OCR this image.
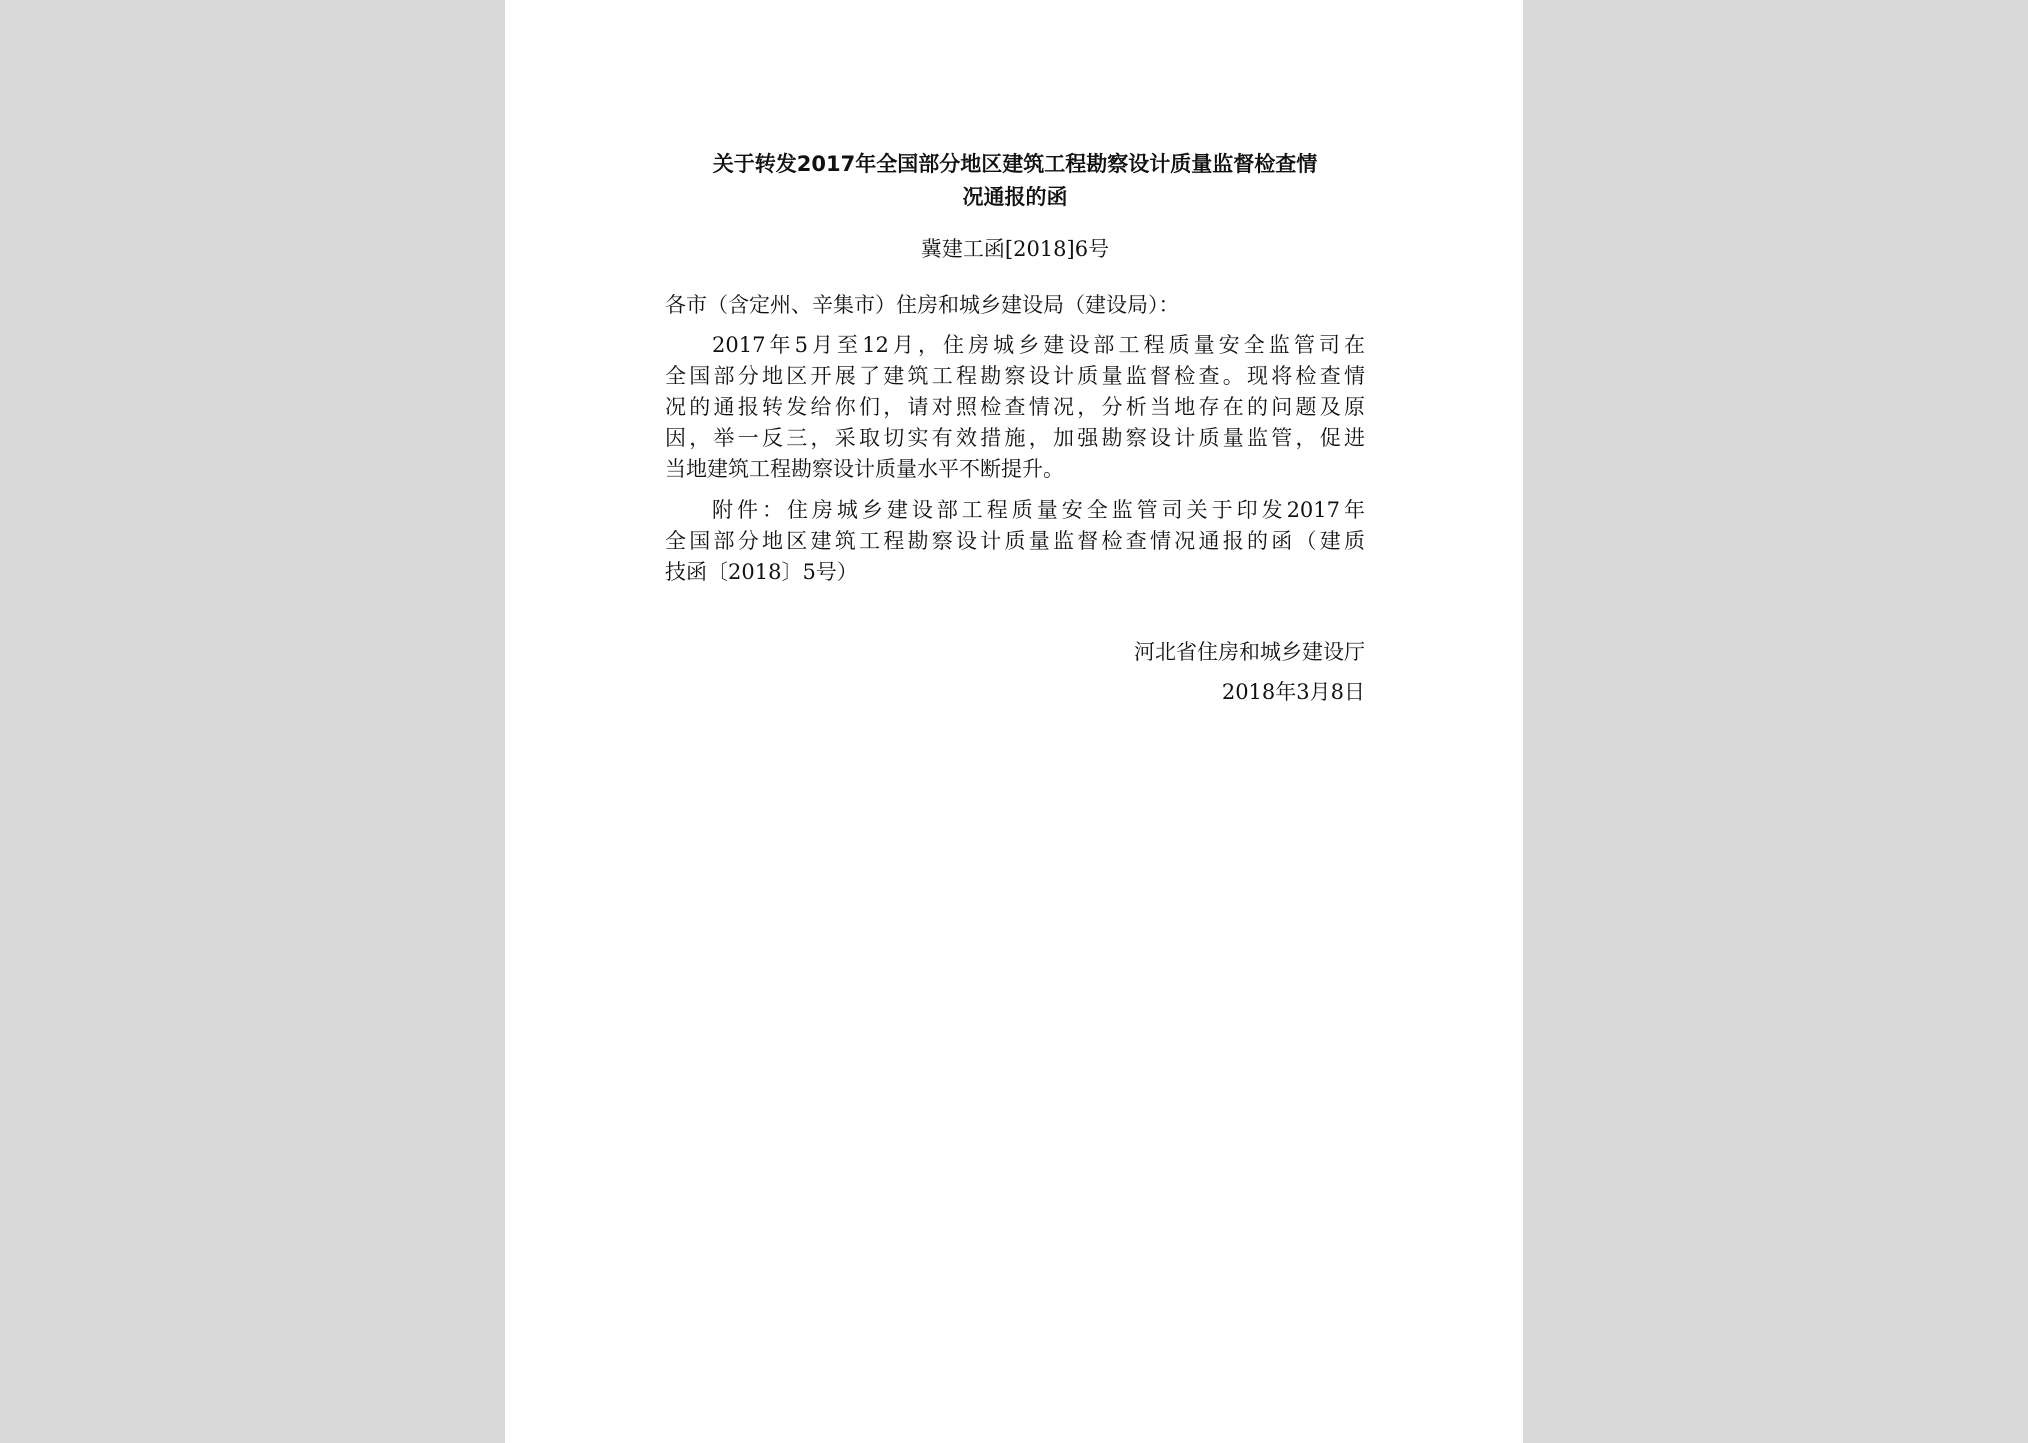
关于转发2017年全国部分地区建筑工程勘察设计质量监督检查情
况通报的函
冀建工函[2018]6号
各市（含定州、辛集市）住房和城乡建设局（建设局）：
2017年5月至12月，住房城乡建设部工程质量安全监管司在
全国部分地区开展了建筑工程勘察设计质量监督检查。现将检查情
况的通报转发给你们，请对照检查情况，分析当地存在的问题及原
因，举一反三，采取切实有效措施，加强勘察设计质量监管，促进
当地建筑工程勘察设计质量水平不断提升。
附件：住房城乡建设部工程质量安全监管司关于印发2017年
全国部分地区建筑工程勘察设计质量监督检查情况通报的函（建质
技函〔2018〕5号）
河北省住房和城乡建设厅
2018年3月8日
